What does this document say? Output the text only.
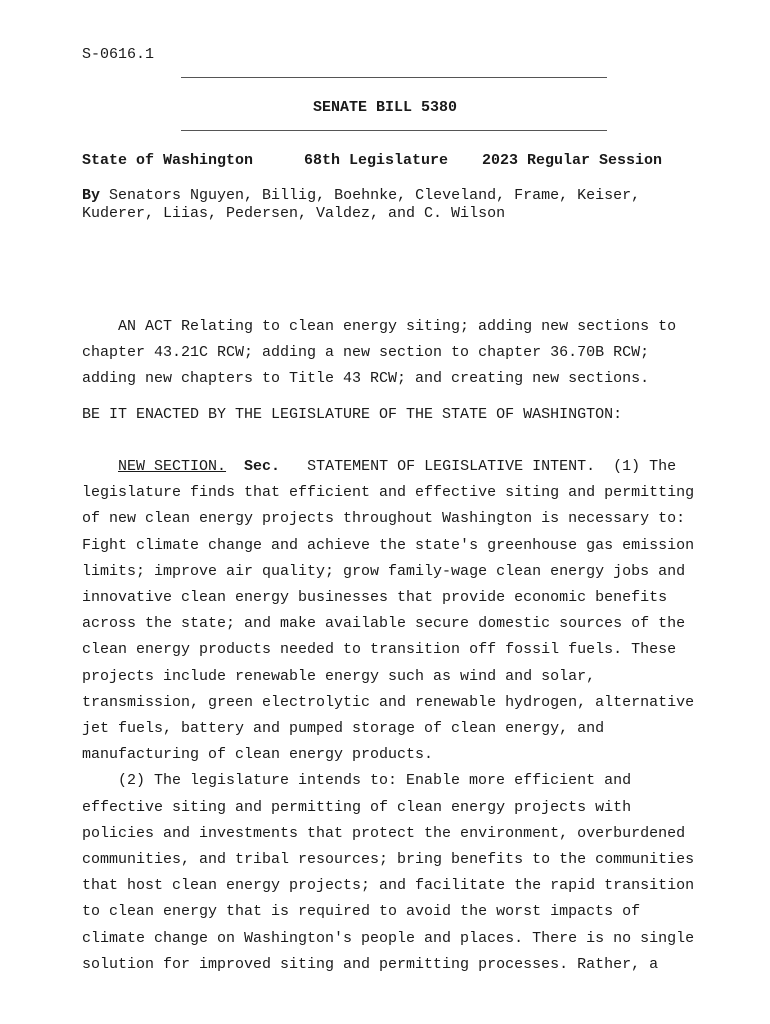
S-0616.1
SENATE BILL 5380
State of Washington	68th Legislature 2023 Regular Session
By Senators Nguyen, Billig, Boehnke, Cleveland, Frame, Keiser,
Kuderer, Liias, Pedersen, Valdez, and C. Wilson
AN ACT Relating to clean energy siting; adding new sections to
chapter 43.21C RCW; adding a new section to chapter 36.70B RCW;
adding new chapters to Title 43 RCW; and creating new sections.
BE IT ENACTED BY THE LEGISLATURE OF THE STATE OF WASHINGTON:
NEW SECTION. Sec. STATEMENT OF LEGISLATIVE INTENT.  (1) The
legislature finds that efficient and effective siting and permitting
of new clean energy projects throughout Washington is necessary to:
Fight climate change and achieve the state's greenhouse gas emission
limits; improve air quality; grow family-wage clean energy jobs and
innovative clean energy businesses that provide economic benefits
across the state; and make available secure domestic sources of the
clean energy products needed to transition off fossil fuels. These
projects include renewable energy such as wind and solar,
transmission, green electrolytic and renewable hydrogen, alternative
jet fuels, battery and pumped storage of clean energy, and
manufacturing of clean energy products.
(2) The legislature intends to: Enable more efficient and
effective siting and permitting of clean energy projects with
policies and investments that protect the environment, overburdened
communities, and tribal resources; bring benefits to the communities
that host clean energy projects; and facilitate the rapid transition
to clean energy that is required to avoid the worst impacts of
climate change on Washington's people and places. There is no single
solution for improved siting and permitting processes. Rather, a
